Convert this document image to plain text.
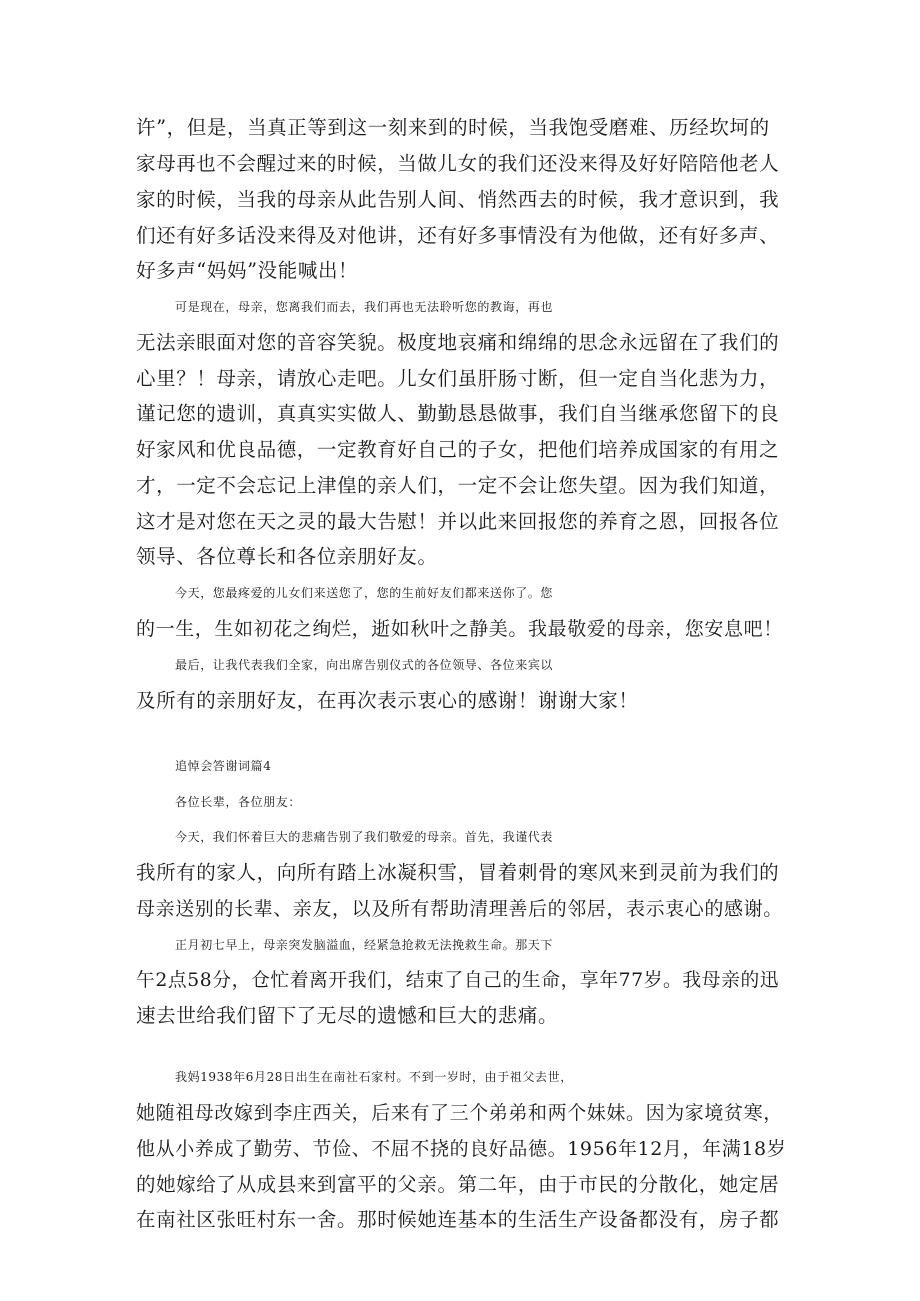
许”，但是，当真正等到这一刻来到的时候，当我饱受磨难、历经坎坷的
家母再也不会醒过来的时候，当做儿女的我们还没来得及好好陪陪他老人
家的时候，当我的母亲从此告别人间、悄然西去的时候，我才意识到，我
们还有好多话没来得及对他讲，还有好多事情没有为他做，还有好多声、
好多声“妈妈”没能喊出！
可是现在，母亲，您离我们而去，我们再也无法聆听您的教诲，再也
无法亲眼面对您的音容笑貌。极度地哀痛和绵绵的思念永远留在了我们的
心里？！母亲，请放心走吧。儿女们虽肝肠寸断，但一定自当化悲为力，
谨记您的遗训，真真实实做人、勤勤恳恳做事，我们自当继承您留下的良
好家风和优良品德，一定教育好自己的子女，把他们培养成国家的有用之
才，一定不会忘记上津偟的亲人们，一定不会让您失望。因为我们知道，
这才是对您在天之灵的最大告慰！并以此来回报您的养育之恩，回报各位
领导、各位尊长和各位亲朋好友。
今天，您最疼爱的儿女们来送您了，您的生前好友们都来送你了。您
的一生，生如初花之绚烂，逝如秋叶之静美。我最敬爱的母亲，您安息吧！
最后，让我代表我们全家，向出席告别仪式的各位领导、各位来宾以
及所有的亲朋好友，在再次表示衷心的感谢！谢谢大家！
追悼会答谢词篇4
各位长辈，各位朋友：
今天，我们怀着巨大的悲痛告别了我们敬爱的母亲。首先，我谨代表
我所有的家人，向所有踏上冰凝积雪，冒着刺骨的寒风来到灵前为我们的
母亲送别的长辈、亲友，以及所有帮助清理善后的邻居，表示衷心的感谢。
正月初七早上，母亲突发脑溢血，经紧急抢救无法挽救生命。那天下
午2点58分，仓忙着离开我们，结束了自己的生命，享年77岁。我母亲的迅
速去世给我们留下了无尽的遗憾和巨大的悲痛。
我妈1938年6月28日出生在南社石家村。不到一岁时，由于祖父去世，
她随祖母改嫁到李庄西关，后来有了三个弟弟和两个妹妹。因为家境贫寒，
他从小养成了勤劳、节俭、不屈不挠的良好品德。1956年12月，年满18岁
的她嫁给了从成县来到富平的父亲。第二年，由于市民的分散化，她定居
在南社区张旺村东一舍。那时候她连基本的生活生产设备都没有，房子都
